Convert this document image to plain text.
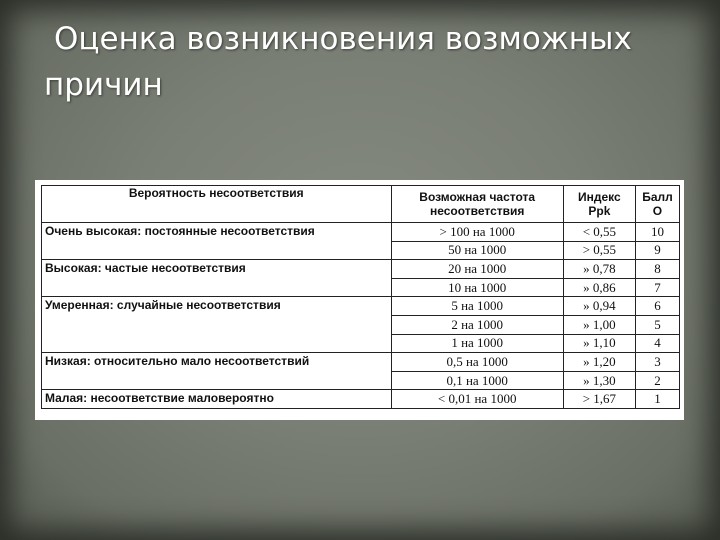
Оценка возникновения возможных
причин
Вероятность несоответствия	Возможная частота несоответствия	Индекс Ppk	Балл О
Очень высокая: постоянные несоответствия	> 100 на 1000	< 0,55	10
	50 на 1000	> 0,55	9
Высокая: частые несоответствия	20 на 1000	» 0,78	8
	10 на 1000	» 0,86	7
Умеренная: случайные несоответствия	5 на 1000	» 0,94	6
	2 на 1000	» 1,00	5
	1 на 1000	» 1,10	4
Низкая: относительно мало несоответствий	0,5 на 1000	» 1,20	3
	0,1 на 1000	» 1,30	2
Малая: несоответствие маловероятно	< 0,01 на 1000	> 1,67	1
